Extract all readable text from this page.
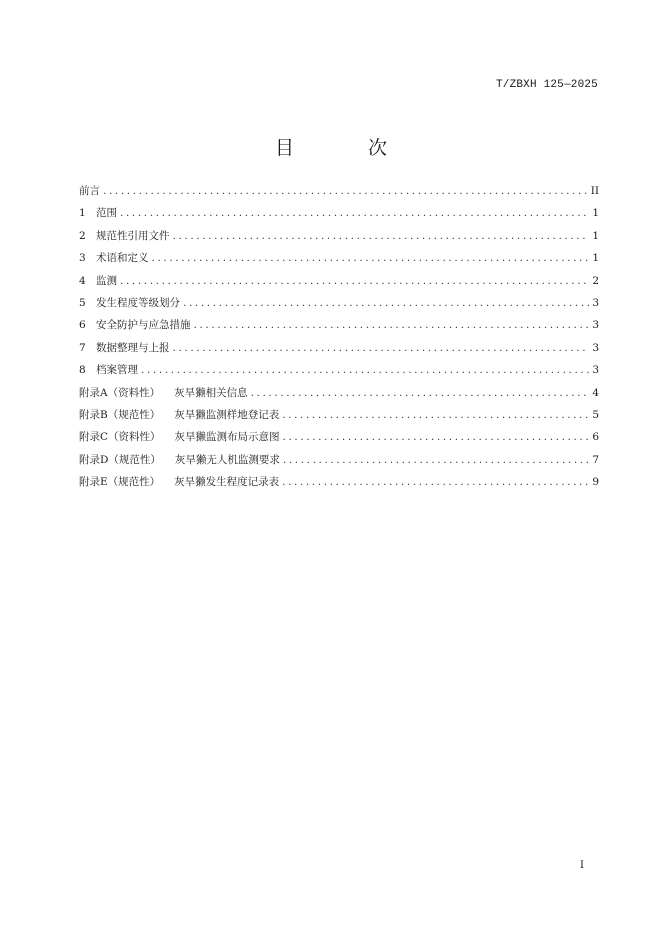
T/ZBXH 125—2025
目 次
前言 .....	II
1 范围 .....	1
2 规范性引用文件 .....	1
3 术语和定义 .....	1
4 监测 .....	2
5 发生程度等级划分 .....	3
6 安全防护与应急措施 .....	3
7 数据整理与上报 .....	3
8 档案管理 .....	3
附录A（资料性） 灰旱獭相关信息 .....	4
附录B（规范性） 灰旱獭监测样地登记表 .....	5
附录C（资料性） 灰旱獭监测布局示意图 .....	6
附录D（规范性） 灰旱獭无人机监测要求 .....	7
附录E（规范性） 灰旱獭发生程度记录表 .....	9
I
